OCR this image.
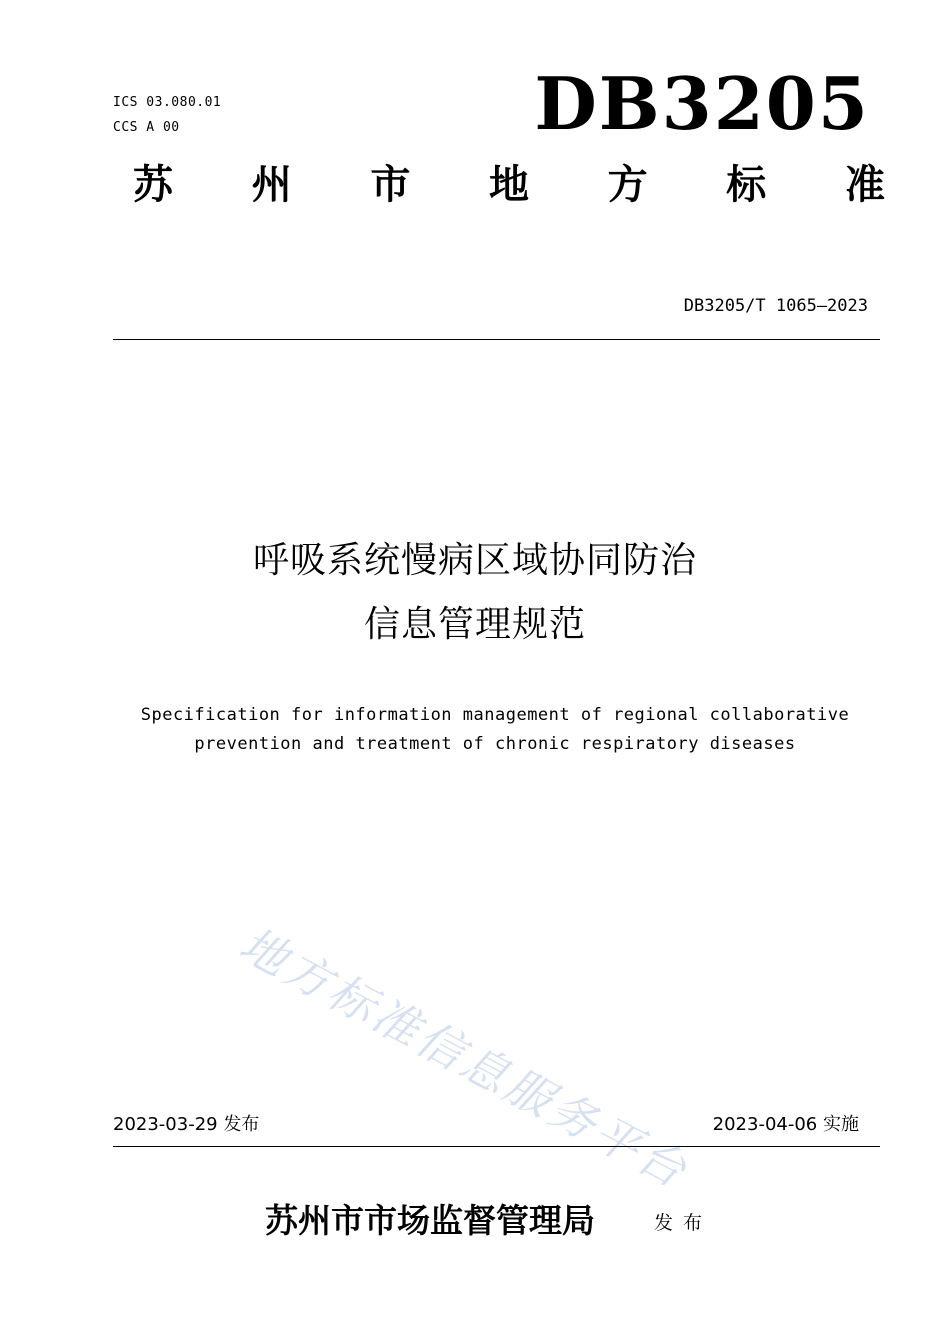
ICS 03.080.01
CCS A 00	DB3205
苏 州 市 地 方 标 准
DB3205/T 1065—2023
呼吸系统慢病区域协同防治
信息管理规范
Specification for information management of regional collaborative
prevention and treatment of chronic respiratory diseases
地方标准信息服务平台
2023-03-29 发布	2023-04-06 实施
苏州市市场监督管理局	发布
